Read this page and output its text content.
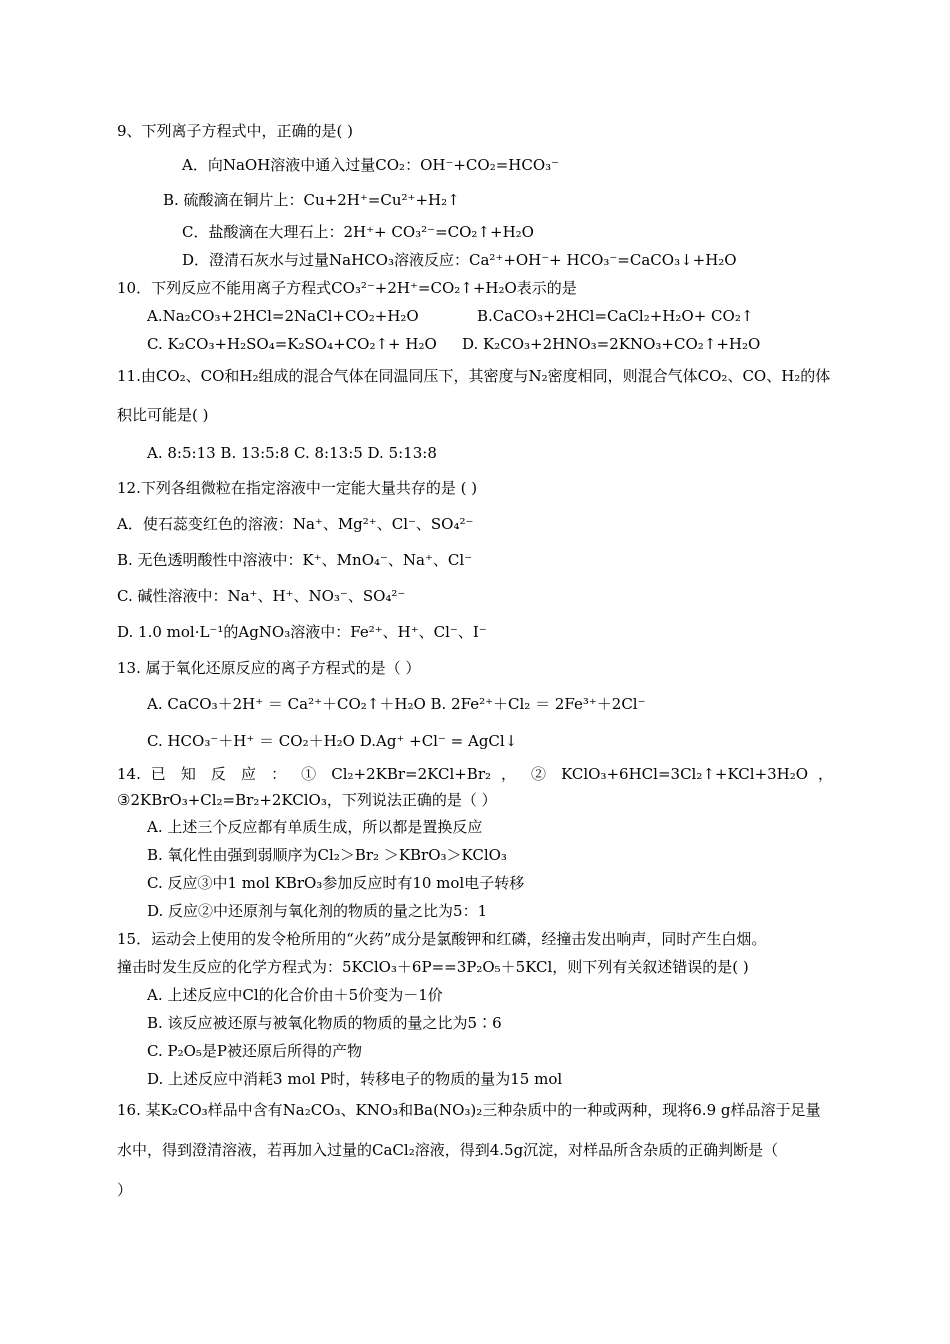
9、下列离子方程式中，正确的是( )
A．向NaOH溶液中通入过量CO₂：OH⁻+CO₂=HCO₃⁻
B. 硫酸滴在铜片上：Cu+2H⁺=Cu²⁺+H₂↑
C．盐酸滴在大理石上：2H⁺+ CO₃²⁻=CO₂↑+H₂O
D．澄清石灰水与过量NaHCO₃溶液反应：Ca²⁺+OH⁻+ HCO₃⁻=CaCO₃↓+H₂O
10．下列反应不能用离子方程式CO₃²⁻+2H⁺=CO₂↑+H₂O表示的是
A.Na₂CO₃+2HCl=2NaCl+CO₂+H₂O	B.CaCO₃+2HCl=CaCl₂+H₂O+ CO₂↑
C. K₂CO₃+H₂SO₄=K₂SO₄+CO₂↑+ H₂O D. K₂CO₃+2HNO₃=2KNO₃+CO₂↑+H₂O
11.由CO₂、CO和H₂组成的混合气体在同温同压下，其密度与N₂密度相同，则混合气体CO₂、CO、H₂的体
积比可能是( )
A. 8:5:13 B. 13:5:8 C. 8:13:5 D. 5:13:8
12.下列各组微粒在指定溶液中一定能大量共存的是 ( )
A．使石蕊变红色的溶液：Na⁺、Mg²⁺、Cl⁻、SO₄²⁻
B. 无色透明酸性中溶液中：K⁺、MnO₄⁻、Na⁺、Cl⁻
C. 碱性溶液中：Na⁺、H⁺、NO₃⁻、SO₄²⁻
D. 1.0 mol·L⁻¹的AgNO₃溶液中：Fe²⁺、H⁺、Cl⁻、I⁻
13. 属于氧化还原反应的离子方程式的是（ ）
A. CaCO₃＋2H⁺ ＝ Ca²⁺＋CO₂↑＋H₂O B. 2Fe²⁺＋Cl₂ ＝ 2Fe³⁺＋2Cl⁻
C. HCO₃⁻＋H⁺ ＝ CO₂＋H₂O D.Ag⁺ +Cl⁻ = AgCl↓
14. 已 知 反 应 ： ① Cl₂+2KBr=2KCl+Br₂ ， ② KClO₃+6HCl=3Cl₂↑+KCl+3H₂O ，
③2KBrO₃+Cl₂=Br₂+2KClO₃，下列说法正确的是（ ）
A. 上述三个反应都有单质生成，所以都是置换反应
B. 氧化性由强到弱顺序为Cl₂＞Br₂ ＞KBrO₃＞KClO₃
C. 反应③中1 mol KBrO₃参加反应时有10 mol电子转移
D. 反应②中还原剂与氧化剂的物质的量之比为5：1
15．运动会上使用的发令枪所用的“火药”成分是氯酸钾和红磷，经撞击发出响声，同时产生白烟。
撞击时发生反应的化学方程式为：5KClO₃＋6P==3P₂O₅＋5KCl，则下列有关叙述错误的是( )
A. 上述反应中Cl的化合价由＋5价变为－1价
B. 该反应被还原与被氧化物质的物质的量之比为5∶6
C. P₂O₅是P被还原后所得的产物
D. 上述反应中消耗3 mol P时，转移电子的物质的量为15 mol
16. 某K₂CO₃样品中含有Na₂CO₃、KNO₃和Ba(NO₃)₂三种杂质中的一种或两种，现将6.9 g样品溶于足量
水中，得到澄清溶液，若再加入过量的CaCl₂溶液，得到4.5g沉淀，对样品所含杂质的正确判断是（
）
